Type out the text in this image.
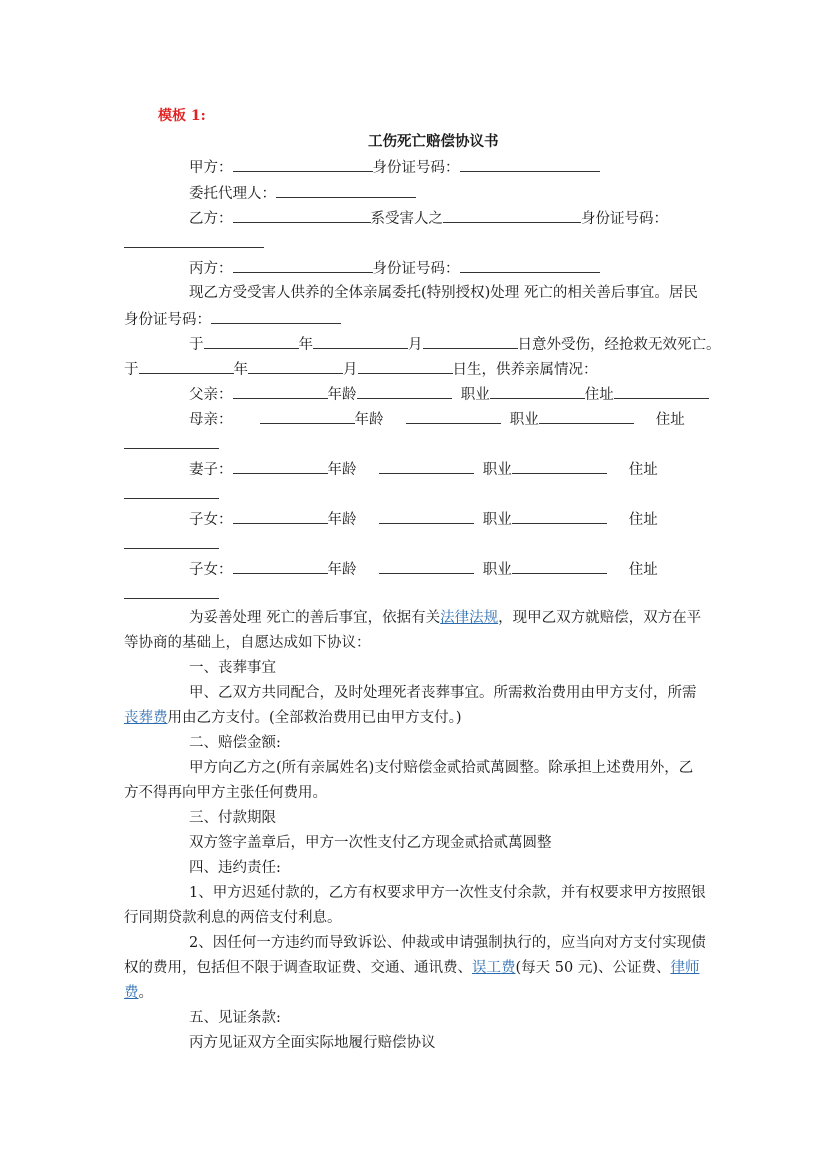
模板 1:
工伤死亡赔偿协议书
甲方：	身份证号码：
委托代理人：
乙方：	系受害人之	身份证号码：
丙方：	身份证号码：
现乙方受受害人供养的全体亲属委托(特别授权)处理 死亡的相关善后事宜。居民
身份证号码：
于	年	月	日意外受伤，经抢救无效死亡。
于	年	月	日生，供养亲属情况：
父亲：	年龄	职业	住址
母亲：	年龄	职业	住址
妻子：	年龄	职业	住址
子女：	年龄	职业	住址
子女：	年龄	职业	住址
为妥善处理 死亡的善后事宜，依据有关法律法规，现甲乙双方就赔偿，双方在平
等协商的基础上，自愿达成如下协议：
一、丧葬事宜
甲、乙双方共同配合，及时处理死者丧葬事宜。所需救治费用由甲方支付，所需
丧葬费用由乙方支付。(全部救治费用已由甲方支付。)
二、赔偿金额:
甲方向乙方之(所有亲属姓名)支付赔偿金贰拾贰萬圆整。除承担上述费用外，乙
方不得再向甲方主张任何费用。
三、付款期限
双方签字盖章后，甲方一次性支付乙方现金贰拾贰萬圆整
四、违约责任:
1、甲方迟延付款的，乙方有权要求甲方一次性支付余款，并有权要求甲方按照银
行同期贷款利息的两倍支付利息。
2、因任何一方违约而导致诉讼、仲裁或申请强制执行的，应当向对方支付实现债
权的费用，包括但不限于调查取证费、交通、通讯费、误工费(每天 50 元)、公证费、律师
费。
五、见证条款:
丙方见证双方全面实际地履行赔偿协议
